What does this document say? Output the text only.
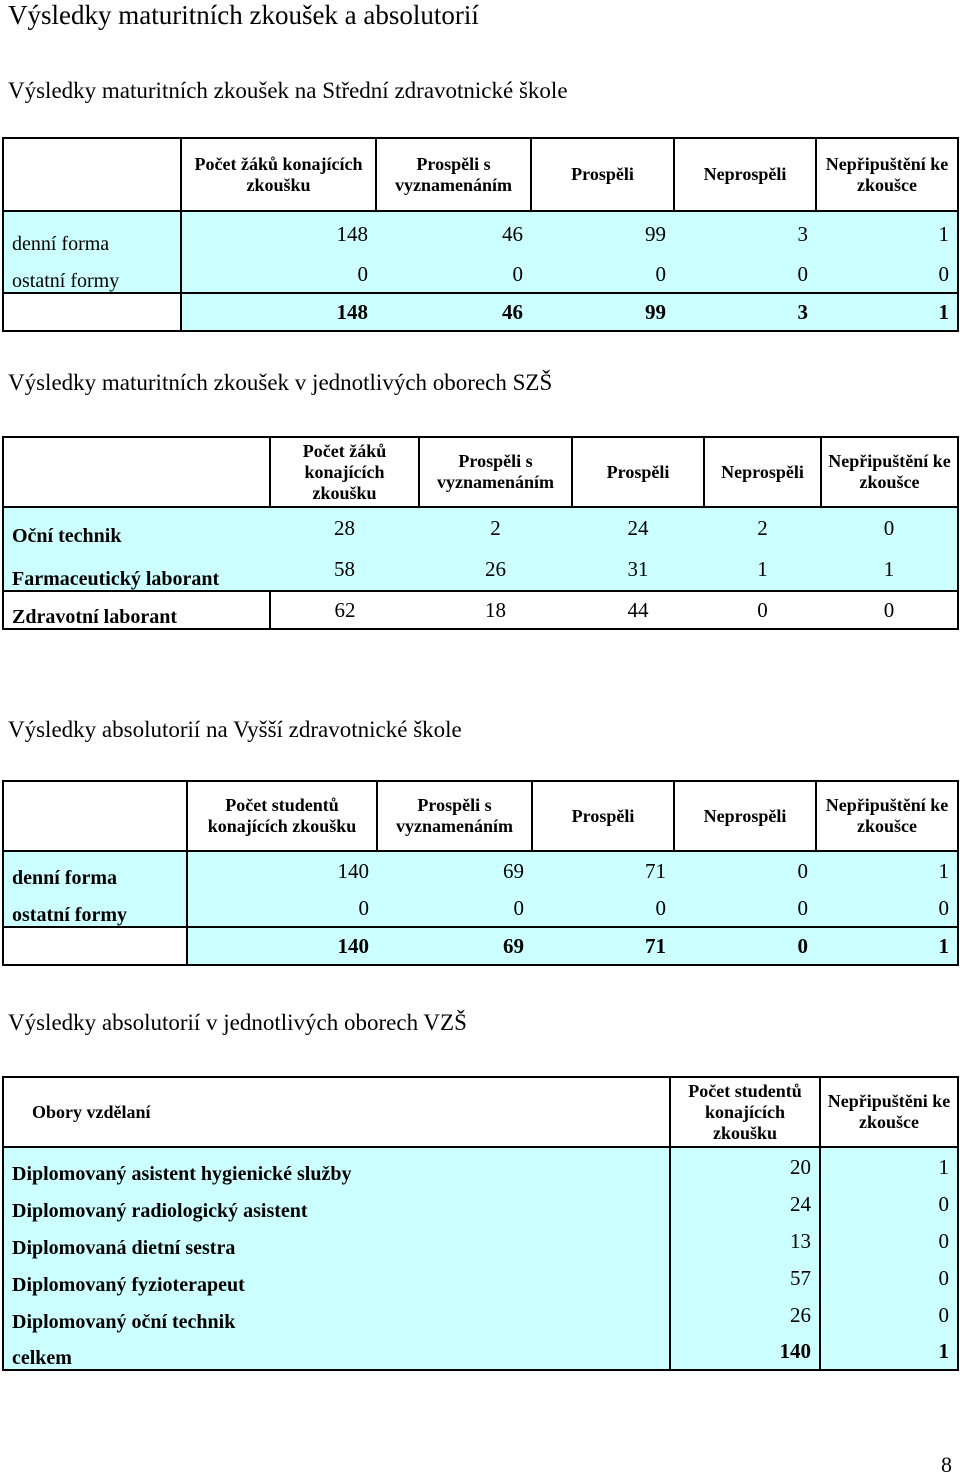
Výsledky maturitních zkoušek a absolutorií
Výsledky maturitních zkoušek na Střední zdravotnické škole
	Počet žáků konajících zkoušku	Prospěli s vyznamenáním	Prospěli	Neprospěli	Nepřipuštění ke zkoušce
denní forma	148	46	99	3	1
ostatní formy	0	0	0	0	0
	148	46	99	3	1
Výsledky maturitních zkoušek v jednotlivých oborech SZŠ
	Počet žáků konajících zkoušku	Prospěli s vyznamenáním	Prospěli	Neprospěli	Nepřipuštění ke zkoušce
Oční technik	28	2	24	2	0
Farmaceutický laborant	58	26	31	1	1
Zdravotní laborant	62	18	44	0	0
Výsledky absolutorií na Vyšší zdravotnické škole
	Počet studentů konajících zkoušku	Prospěli s vyznamenáním	Prospěli	Neprospěli	Nepřipuštění ke zkoušce
denní forma	140	69	71	0	1
ostatní formy	0	0	0	0	0
	140	69	71	0	1
Výsledky absolutorií v jednotlivých oborech VZŠ
Obory vzdělaní	Počet studentů konajících zkoušku	Nepřipuštěni ke zkoušce
Diplomovaný asistent hygienické služby	20	1
Diplomovaný radiologický asistent	24	0
Diplomovaná dietní sestra	13	0
Diplomovaný fyzioterapeut	57	0
Diplomovaný oční technik	26	0
celkem	140	1
8
